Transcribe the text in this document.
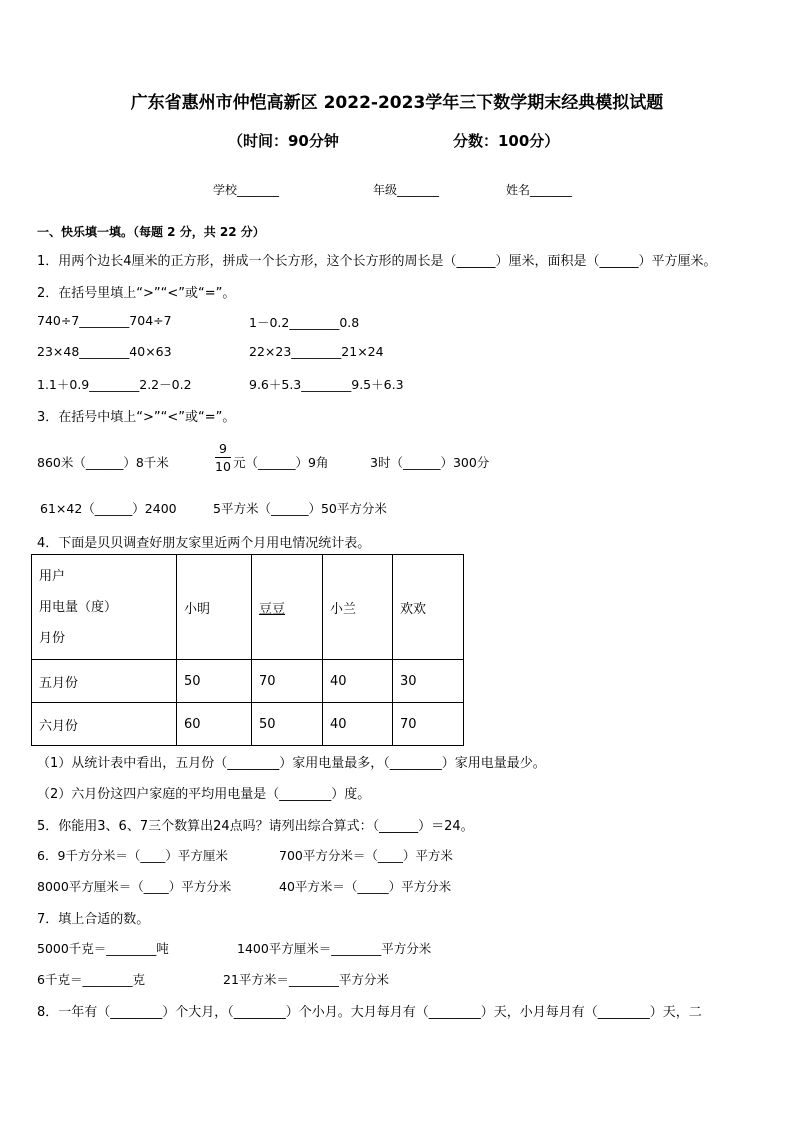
广东省惠州市仲恺高新区 2022-2023学年三下数学期末经典模拟试题
（时间：90分钟	分数：100分）
学校_______	年级_______	姓名_______
一、快乐填一填。（每题 2 分，共 22 分）
1．用两个边长4厘米的正方形，拼成一个长方形，这个长方形的周长是（______）厘米，面积是（______）平方厘米。
2．在括号里填上“>”“<”或“=”。
740÷7________704÷7	1－0.2________0.8
23×48________40×63	22×23________21×24
1.1＋0.9________2.2－0.2	9.6＋5.3________9.5＋6.3
3．在括号中填上“>”“<”或“=”。
860米（______）8千米
9
10 元（______）9角	3时（______）300分
61×42（______）2400	5平方米（______）50平方分米
4．下面是贝贝调查好朋友家里近两个月用电情况统计表。
用户
用电量（度）
月份	小明	豆豆	小兰	欢欢
五月份	50	70	40	30
六月份	60	50	40	70
（1）从统计表中看出，五月份（________）家用电量最多，（________）家用电量最少。
（2）六月份这四户家庭的平均用电量是（________）度。
5．你能用3、6、7三个数算出24点吗？请列出综合算式：（______）＝24。
6．9千方分米＝（____）平方厘米	700平方分米＝（____）平方米
8000平方厘米＝（____）平方分米	40平方米＝（_____）平方分米
7．填上合适的数。
5000千克＝________吨	1400平方厘米＝________平方分米
6千克＝________克	21平方米＝________平方分米
8．一年有（________）个大月，（________）个小月。大月每月有（________）天，小月每月有（________）天，二
